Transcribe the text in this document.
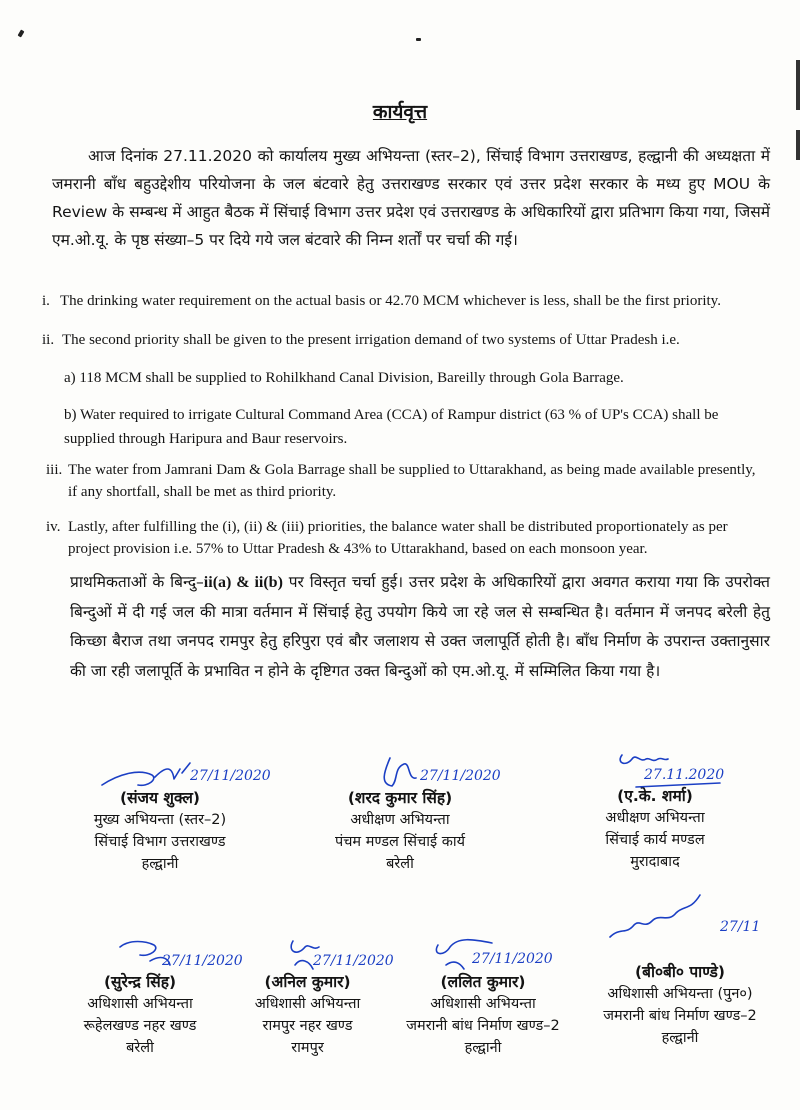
कार्यवृत्त
आज दिनांक 27.11.2020 को कार्यालय मुख्य अभियन्ता (स्तर–2), सिंचाई विभाग उत्तराखण्ड, हल्द्वानी की अध्यक्षता में जमरानी बाँध बहुउद्देशीय परियोजना के जल बंटवारे हेतु उत्तराखण्ड सरकार एवं उत्तर प्रदेश सरकार के मध्य हुए MOU के Review के सम्बन्ध में आहुत बैठक में सिंचाई विभाग उत्तर प्रदेश एवं उत्तराखण्ड के अधिकारियों द्वारा प्रतिभाग किया गया, जिसमें एम.ओ.यू. के पृष्ठ संख्या–5 पर दिये गये जल बंटवारे की निम्न शर्तों पर चर्चा की गई।
i. The drinking water requirement on the actual basis or 42.70 MCM whichever is less, shall be the first priority.
ii. The second priority shall be given to the present irrigation demand of two systems of Uttar Pradesh i.e.
a) 118 MCM shall be supplied to Rohilkhand Canal Division, Bareilly through Gola Barrage.
b) Water required to irrigate Cultural Command Area (CCA) of Rampur district (63 % of UP's CCA) shall be supplied through Haripura and Baur reservoirs.
iii. The water from Jamrani Dam & Gola Barrage shall be supplied to Uttarakhand, as being made available presently, if any shortfall, shall be met as third priority.
iv. Lastly, after fulfilling the (i), (ii) & (iii) priorities, the balance water shall be distributed proportionately as per project provision i.e. 57% to Uttar Pradesh & 43% to Uttarakhand, based on each monsoon year.
प्राथमिकताओं के बिन्दु–ii(a) & ii(b) पर विस्तृत चर्चा हुई। उत्तर प्रदेश के अधिकारियों द्वारा अवगत कराया गया कि उपरोक्त बिन्दुओं में दी गई जल की मात्रा वर्तमान में सिंचाई हेतु उपयोग किये जा रहे जल से सम्बन्धित है। वर्तमान में जनपद बरेली हेतु किच्छा बैराज तथा जनपद रामपुर हेतु हरिपुरा एवं बौर जलाशय से उक्त जलापूर्ति होती है। बाँध निर्माण के उपरान्त उक्तानुसार की जा रही जलापूर्ति के प्रभावित न होने के दृष्टिगत उक्त बिन्दुओं को एम.ओ.यू. में सम्मिलित किया गया है।
27/11/2020
(संजय शुक्ल)
मुख्य अभियन्ता (स्तर–2)
सिंचाई विभाग उत्तराखण्ड
हल्द्वानी
27/11/2020
(शरद कुमार सिंह)
अधीक्षण अभियन्ता
पंचम मण्डल सिंचाई कार्य
बरेली
27.11.2020
(ए.के. शर्मा)
अधीक्षण अभियन्ता
सिंचाई कार्य मण्डल
मुरादाबाद
27/11/2020
(सुरेन्द्र सिंह)
अधिशासी अभियन्ता
रूहेलखण्ड नहर खण्ड
बरेली
27/11/2020
(अनिल कुमार)
अधिशासी अभियन्ता
रामपुर नहर खण्ड
रामपुर
27/11/2020
(ललित कुमार)
अधिशासी अभियन्ता
जमरानी बांध निर्माण खण्ड–2
हल्द्वानी
27/11
(बी०बी० पाण्डे)
अधिशासी अभियन्ता (पुन०)
जमरानी बांध निर्माण खण्ड–2
हल्द्वानी
